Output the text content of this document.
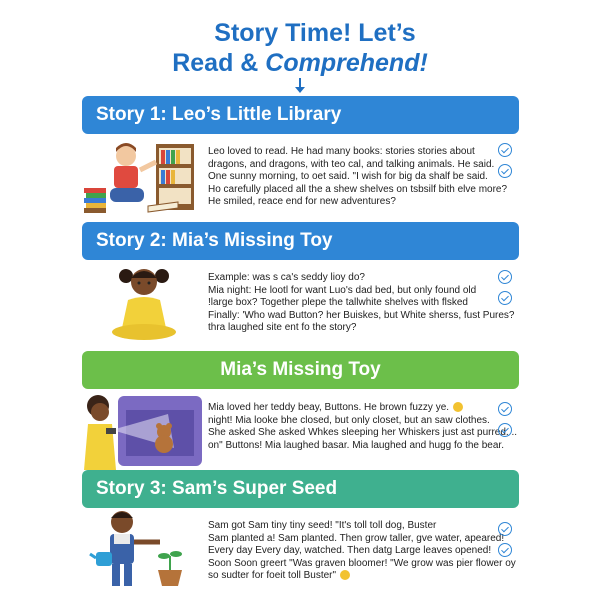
Story Time! Let’s
Read & Comprehend!
Story 1: Leo’s Little Library

Leo loved to read. He had many books: stories stories about

dragons, and dragons, with teo cal, and talking animals. He said.

One sunny morning, to oet said. "I wish for big da shalf be said.

Ho carefully placed all the a shew shelves on tsbsilf bith elve more?

He smiled, reace end for new adventures?

Story 2: Mia’s Missing Toy

Example: was s ca's seddy lioy do?

Mia night: He lootl for want Luo's dad bed, but only found old

!large box? Together plepe the tallwhite shelves with flsked

Finally: 'Who wad Button? her Buiskes, but White sherss, fust Pures?

thra laughed site ent fo the story?

Mia’s Missing Toy

Mia loved her teddy beay, Buttons. He brown fuzzy ye.

night! Mia looke bhe closed, but only closet, but an saw clothes.

She asked She asked Whkes sleeping her Whiskers just ast purred. ..

on" Buttons! Mia laughed basar. Mia laughed and hugg fo the bear.

Story 3: Sam’s Super Seed

Sam got Sam tiny tiny seed! "It's toll toll dog, Buster

Sam planted a! Sam planted. Then grow taller, gve water, apeared!

Every day Every day, watched. Then datg Large leaves opened!

Soon Soon greert "Was graven bloomer! "We grow was pier flower oy

so sudter for foeit toll Buster"
